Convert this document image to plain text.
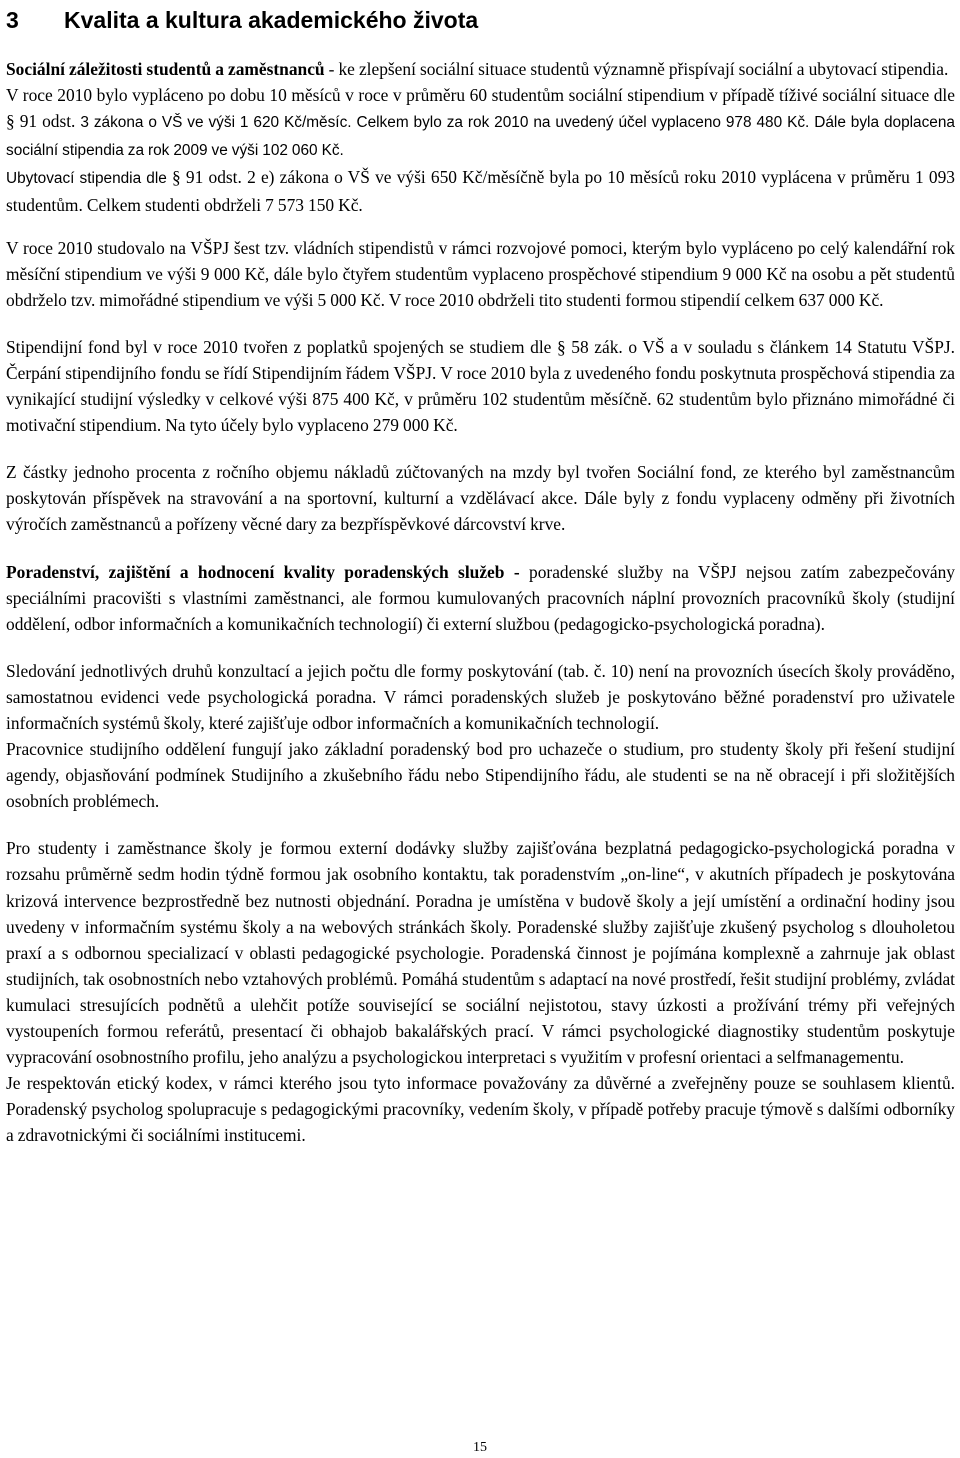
3 Kvalita a kultura akademického života

Sociální záležitosti studentů a zaměstnanců - ke zlepšení sociální situace studentů významně přispívají sociální a ubytovací stipendia.
V roce 2010 bylo vypláceno po dobu 10 měsíců v roce v průměru 60 studentům sociální stipendium v případě tíživé sociální situace dle § 91 odst. 3 zákona o VŠ ve výši 1 620 Kč/měsíc. Celkem bylo za rok 2010 na uvedený účel vyplaceno 978 480 Kč. Dále byla doplacena sociální stipendia za rok 2009 ve výši 102 060 Kč.
Ubytovací stipendia dle § 91 odst. 2 e) zákona o VŠ ve výši 650 Kč/měsíčně byla po 10 měsíců roku 2010 vyplácena v průměru 1 093 studentům. Celkem studenti obdrželi 7 573 150 Kč.

V roce 2010 studovalo na VŠPJ šest tzv. vládních stipendistů v rámci rozvojové pomoci, kterým bylo vypláceno po celý kalendářní rok měsíční stipendium ve výši 9 000 Kč, dále bylo čtyřem studentům vyplaceno prospěchové stipendium 9 000 Kč na osobu a pět studentů obdrželo tzv. mimořádné stipendium ve výši 5 000 Kč. V roce 2010 obdrželi tito studenti formou stipendií celkem 637 000 Kč.

Stipendijní fond byl v roce 2010 tvořen z poplatků spojených se studiem dle § 58 zák. o VŠ a v souladu s článkem 14 Statutu VŠPJ. Čerpání stipendijního fondu se řídí Stipendijním řádem VŠPJ. V roce 2010 byla z uvedeného fondu poskytnuta prospěchová stipendia za vynikající studijní výsledky v celkové výši 875 400 Kč, v průměru 102 studentům měsíčně. 62 studentům bylo přiznáno mimořádné či motivační stipendium. Na tyto účely bylo vyplaceno 279 000 Kč.

Z částky jednoho procenta z ročního objemu nákladů zúčtovaných na mzdy byl tvořen Sociální fond, ze kterého byl zaměstnancům poskytován příspěvek na stravování a na sportovní, kulturní a vzdělávací akce. Dále byly z fondu vyplaceny odměny při životních výročích zaměstnanců a pořízeny věcné dary za bezpříspěvkové dárcovství krve.

Poradenství, zajištění a hodnocení kvality poradenských služeb - poradenské služby na VŠPJ nejsou zatím zabezpečovány speciálními pracovišti s vlastními zaměstnanci, ale formou kumulovaných pracovních náplní provozních pracovníků školy (studijní oddělení, odbor informačních a komunikačních technologií) či externí službou (pedagogicko-psychologická poradna).

Sledování jednotlivých druhů konzultací a jejich počtu dle formy poskytování (tab. č. 10) není na provozních úsecích školy prováděno, samostatnou evidenci vede psychologická poradna. V rámci poradenských služeb je poskytováno běžné poradenství pro uživatele informačních systémů školy, které zajišťuje odbor informačních a komunikačních technologií.

Pracovnice studijního oddělení fungují jako základní poradenský bod pro uchazeče o studium, pro studenty školy při řešení studijní agendy, objasňování podmínek Studijního a zkušebního řádu nebo Stipendijního řádu, ale studenti se na ně obracejí i při složitějších osobních problémech.

Pro studenty i zaměstnance školy je formou externí dodávky služby zajišťována bezplatná pedagogicko-psychologická poradna v rozsahu průměrně sedm hodin týdně formou jak osobního kontaktu, tak poradenstvím „on-line“, v akutních případech je poskytována krizová intervence bezprostředně bez nutnosti objednání. Poradna je umístěna v budově školy a její umístění a ordinační hodiny jsou uvedeny v informačním systému školy a na webových stránkách školy. Poradenské služby zajišťuje zkušený psycholog s dlouholetou praxí a s odbornou specializací v oblasti pedagogické psychologie. Poradenská činnost je pojímána komplexně a zahrnuje jak oblast studijních, tak osobnostních nebo vztahových problémů. Pomáhá studentům s adaptací na nové prostředí, řešit studijní problémy, zvládat kumulaci stresujících podnětů a ulehčit potíže související se sociální nejistotou, stavy úzkosti a prožívání trémy při veřejných vystoupeních formou referátů, presentací či obhajob bakalářských prací. V rámci psychologické diagnostiky studentům poskytuje vypracování osobnostního profilu, jeho analýzu a psychologickou interpretaci s využitím v profesní orientaci a selfmanagementu.

Je respektován etický kodex, v rámci kterého jsou tyto informace považovány za důvěrné a zveřejněny pouze se souhlasem klientů. Poradenský psycholog spolupracuje s pedagogickými pracovníky, vedením školy, v případě potřeby pracuje týmově s dalšími odborníky a zdravotnickými či sociálními institucemi.

15
